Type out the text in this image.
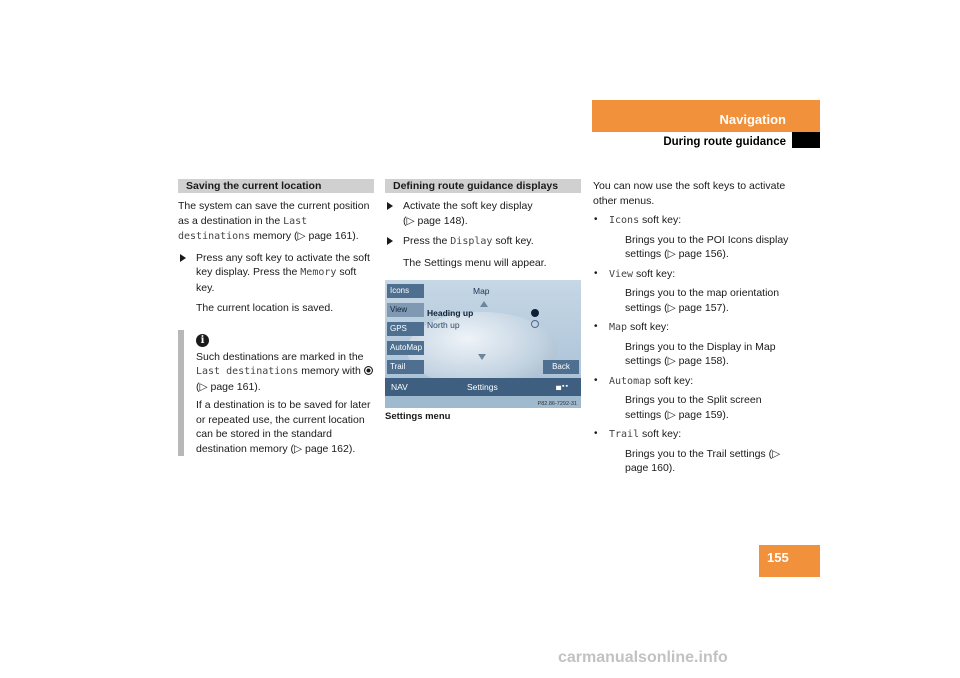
Navigation
During route guidance
Saving the current location

The system can save the current position as a destination in the Last destinations memory (▷ page 161).

Press any soft key to activate the soft key display. Press the Memory soft key.
The current location is saved.
i

Such destinations are marked in the Last destinations memory with
(▷ page 161).

If a destination is to be saved for later or repeated use, the current location can be stored in the standard destination memory (▷ page 162).

Defining route guidance displays
Activate the soft key display
(▷ page 148).
Press the Display soft key.
The Settings menu will appear.
Icons
View
GPS
AutoMap
Trail
Map
Heading up
North up
Back
NAV	Settings	▄▪▪
P82.86-7292-31
Settings menu

You can now use the soft keys to activate other menus.

• Icons soft key:
Brings you to the POI Icons display settings (▷ page 156).
• View soft key:
Brings you to the map orientation settings (▷ page 157).
• Map soft key:
Brings you to the Display in Map settings (▷ page 158).
• Automap soft key:
Brings you to the Split screen settings (▷ page 159).
• Trail soft key:
Brings you to the Trail settings (▷ page 160).
155
carmanualsonline.info
